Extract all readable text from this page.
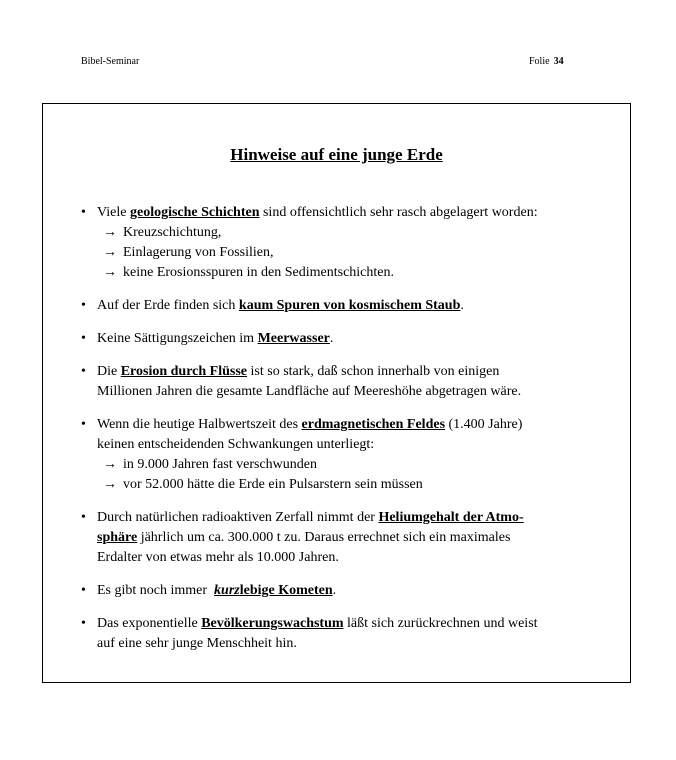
Bibel-Seminar	Folie 34
Hinweise auf eine junge Erde
• Viele geologische Schichten sind offensichtlich sehr rasch abgelagert worden:
→ Kreuzschichtung,
→ Einlagerung von Fossilien,
→ keine Erosionsspuren in den Sedimentschichten.
• Auf der Erde finden sich kaum Spuren von kosmischem Staub.
• Keine Sättigungszeichen im Meerwasser.
• Die Erosion durch Flüsse ist so stark, daß schon innerhalb von einigen
Millionen Jahren die gesamte Landfläche auf Meereshöhe abgetragen wäre.
• Wenn die heutige Halbwertszeit des erdmagnetischen Feldes (1.400 Jahre)
keinen entscheidenden Schwankungen unterliegt:
→ in 9.000 Jahren fast verschwunden
→ vor 52.000 hätte die Erde ein Pulsarstern sein müssen
• Durch natürlichen radioaktiven Zerfall nimmt der Heliumgehalt der Atmo-
sphäre jährlich um ca. 300.000 t zu. Daraus errechnet sich ein maximales
Erdalter von etwas mehr als 10.000 Jahren.
• Es gibt noch immer  kurzlebige Kometen.
• Das exponentielle Bevölkerungswachstum läßt sich zurückrechnen und weist
auf eine sehr junge Menschheit hin.
